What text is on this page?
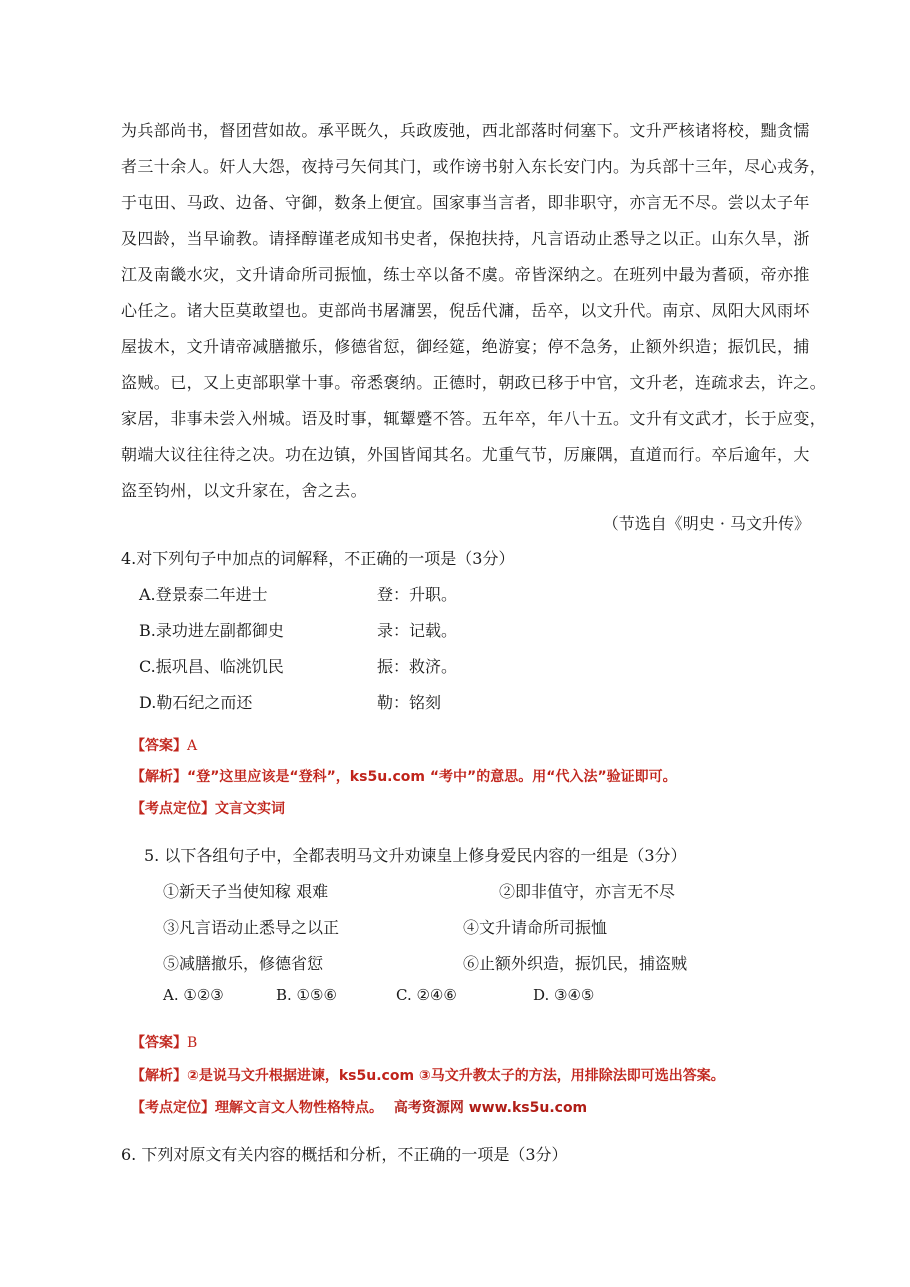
为兵部尚书，督团营如故。承平既久，兵政废弛，西北部落时伺塞下。文升严核诸将校，黜贪懦
者三十余人。奸人大怨，夜持弓矢伺其门，或作谤书射入东长安门内。为兵部十三年，尽心戎务，
于屯田、马政、边备、守御，数条上便宜。国家事当言者，即非职守，亦言无不尽。尝以太子年
及四龄，当早谕教。请择醇谨老成知书史者，保抱扶持，凡言语动止悉导之以正。山东久旱，浙
江及南畿水灾，文升请命所司振恤，练士卒以备不虞。帝皆深纳之。在班列中最为耆硕，帝亦推
心任之。诸大臣莫敢望也。吏部尚书屠滽罢，倪岳代滽，岳卒，以文升代。南京、凤阳大风雨坏
屋拔木，文升请帝减膳撤乐，修德省愆，御经筵，绝游宴；停不急务，止额外织造；振饥民，捕
盗贼。已，又上吏部职掌十事。帝悉褒纳。正德时，朝政已移于中官，文升老，连疏求去，许之。
家居，非事未尝入州城。语及时事，辄颦蹙不答。五年卒，年八十五。文升有文武才，长于应变，
朝端大议往往待之决。功在边镇，外国皆闻其名。尤重气节，厉廉隅，直道而行。卒后逾年，大
盗至钧州，以文升家在，舍之去。
（节选自《明史 · 马文升传》
4.对下列句子中加点的词解释，不正确的一项是（3分）
A.登景泰二年进士	登：升职。
B.录功进左副都御史	录：记载。
C.振巩昌、临洮饥民	振：救济。
D.勒石纪之而还	勒：铭刻
【答案】A
【解析】“登”这里应该是“登科”，ks5u.com “考中”的意思。用“代入法”验证即可。
【考点定位】文言文实词
5. 以下各组句子中，全都表明马文升劝谏皇上修身爱民内容的一组是（3分）
①新天子当使知稼 艰难	②即非值守，亦言无不尽
③凡言语动止悉导之以正	④文升请命所司振恤
⑤减膳撤乐，修德省愆	⑥止额外织造，振饥民，捕盗贼
A. ①②③	B. ①⑤⑥	C. ②④⑥	D. ③④⑤
【答案】B
【解析】②是说马文升根据进谏，ks5u.com ③马文升教太子的方法，用排除法即可选出答案。
【考点定位】理解文言文人物性格特点。 高考资源网 www.ks5u.com
6. 下列对原文有关内容的概括和分析，不正确的一项是（3分）
